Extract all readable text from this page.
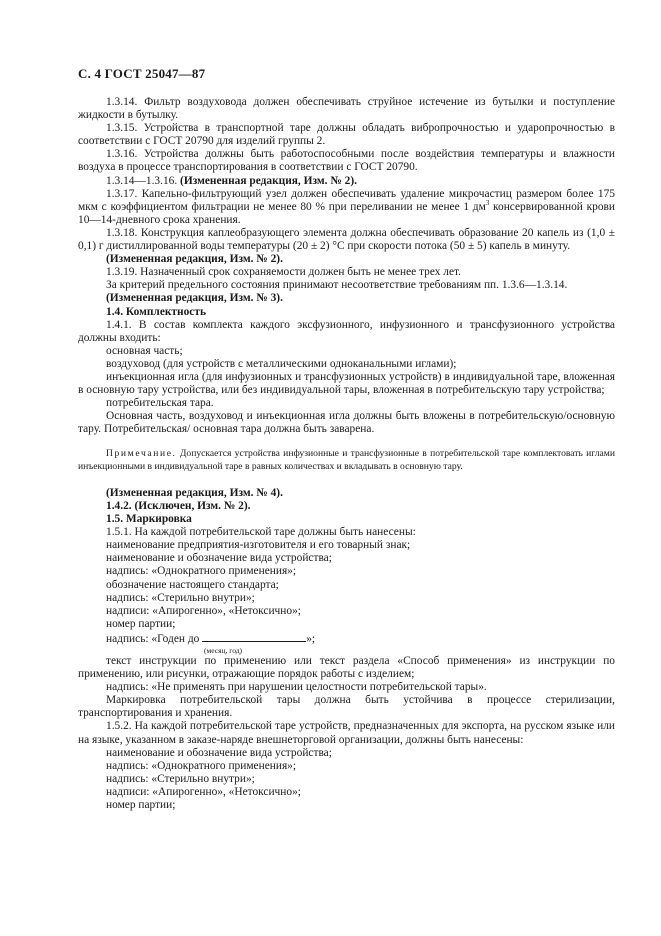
С. 4 ГОСТ 25047—87

1.3.14. Фильтр воздуховода должен обеспечивать струйное истечение из бутылки и поступление жидкости в бутылку.

1.3.15. Устройства в транспортной таре должны обладать вибропрочностью и ударопрочностью в соответствии с ГОСТ 20790 для изделий группы 2.

1.3.16. Устройства должны быть работоспособными после воздействия температуры и влажности воздуха в процессе транспортирования в соответствии с ГОСТ 20790.

1.3.14—1.3.16. (Измененная редакция, Изм. № 2).

1.3.17. Капельно-фильтрующий узел должен обеспечивать удаление микрочастиц размером более 175 мкм с коэффициентом фильтрации не менее 80 % при переливании не менее 1 $дм^3$ консервированной крови 10—14-дневного срока хранения.

1.3.18. Конструкция каплеобразующего элемента должна обеспечивать образование 20 капель из (1,0 ± 0,1) г дистиллированной воды температуры (20 ± 2) °С при скорости потока (50 ± 5) капель в минуту.

(Измененная редакция, Изм. № 2).

1.3.19. Назначенный срок сохраняемости должен быть не менее трех лет.

За критерий предельного состояния принимают несоответствие требованиям пп. 1.3.6—1.3.14.

(Измененная редакция, Изм. № 3).

1.4. Комплектность

1.4.1. В состав комплекта каждого эксфузионного, инфузионного и трансфузионного устройства должны входить:

основная часть;

воздуховод (для устройств с металлическими одноканальными иглами);

инъекционная игла (для инфузионных и трансфузионных устройств) в индивидуальной таре, вложенная в основную тару устройства, или без индивидуальной тары, вложенная в потребительскую тару устройства;

потребительская тара.

Основная часть, воздуховод и инъекционная игла должны быть вложены в потребительскую/основную тару. Потребительская/ основная тара должна быть заварена.

Примечание. Допускается устройства инфузионные и трансфузионные в потребительской таре комплектовать иглами инъекционными в индивидуальной таре в равных количествах и вкладывать в основную тару.

(Измененная редакция, Изм. № 4).

1.4.2. (Исключен, Изм. № 2).

1.5. Маркировка

1.5.1. На каждой потребительской таре должны быть нанесены:

наименование предприятия-изготовителя и его товарный знак;

наименование и обозначение вида устройства;

надпись: «Однократного применения»;

обозначение настоящего стандарта;

надпись: «Стерильно внутри»;

надписи: «Апирогенно», «Нетоксично»;

номер партии;

надпись: «Годен до	»;
(месяц, год)

текст инструкции по применению или текст раздела «Способ применения» из инструкции по применению, или рисунки, отражающие порядок работы с изделием;

надпись: «Не применять при нарушении целостности потребительской тары».

Маркировка потребительской тары должна быть устойчива в процессе стерилизации, транспортирования и хранения.

1.5.2. На каждой потребительской таре устройств, предназначенных для экспорта, на русском языке или на языке, указанном в заказе-наряде внешнеторговой организации, должны быть нанесены:

наименование и обозначение вида устройства;

надпись: «Однократного применения»;

надпись: «Стерильно внутри»;

надписи: «Апирогенно», «Нетоксично»;

номер партии;
